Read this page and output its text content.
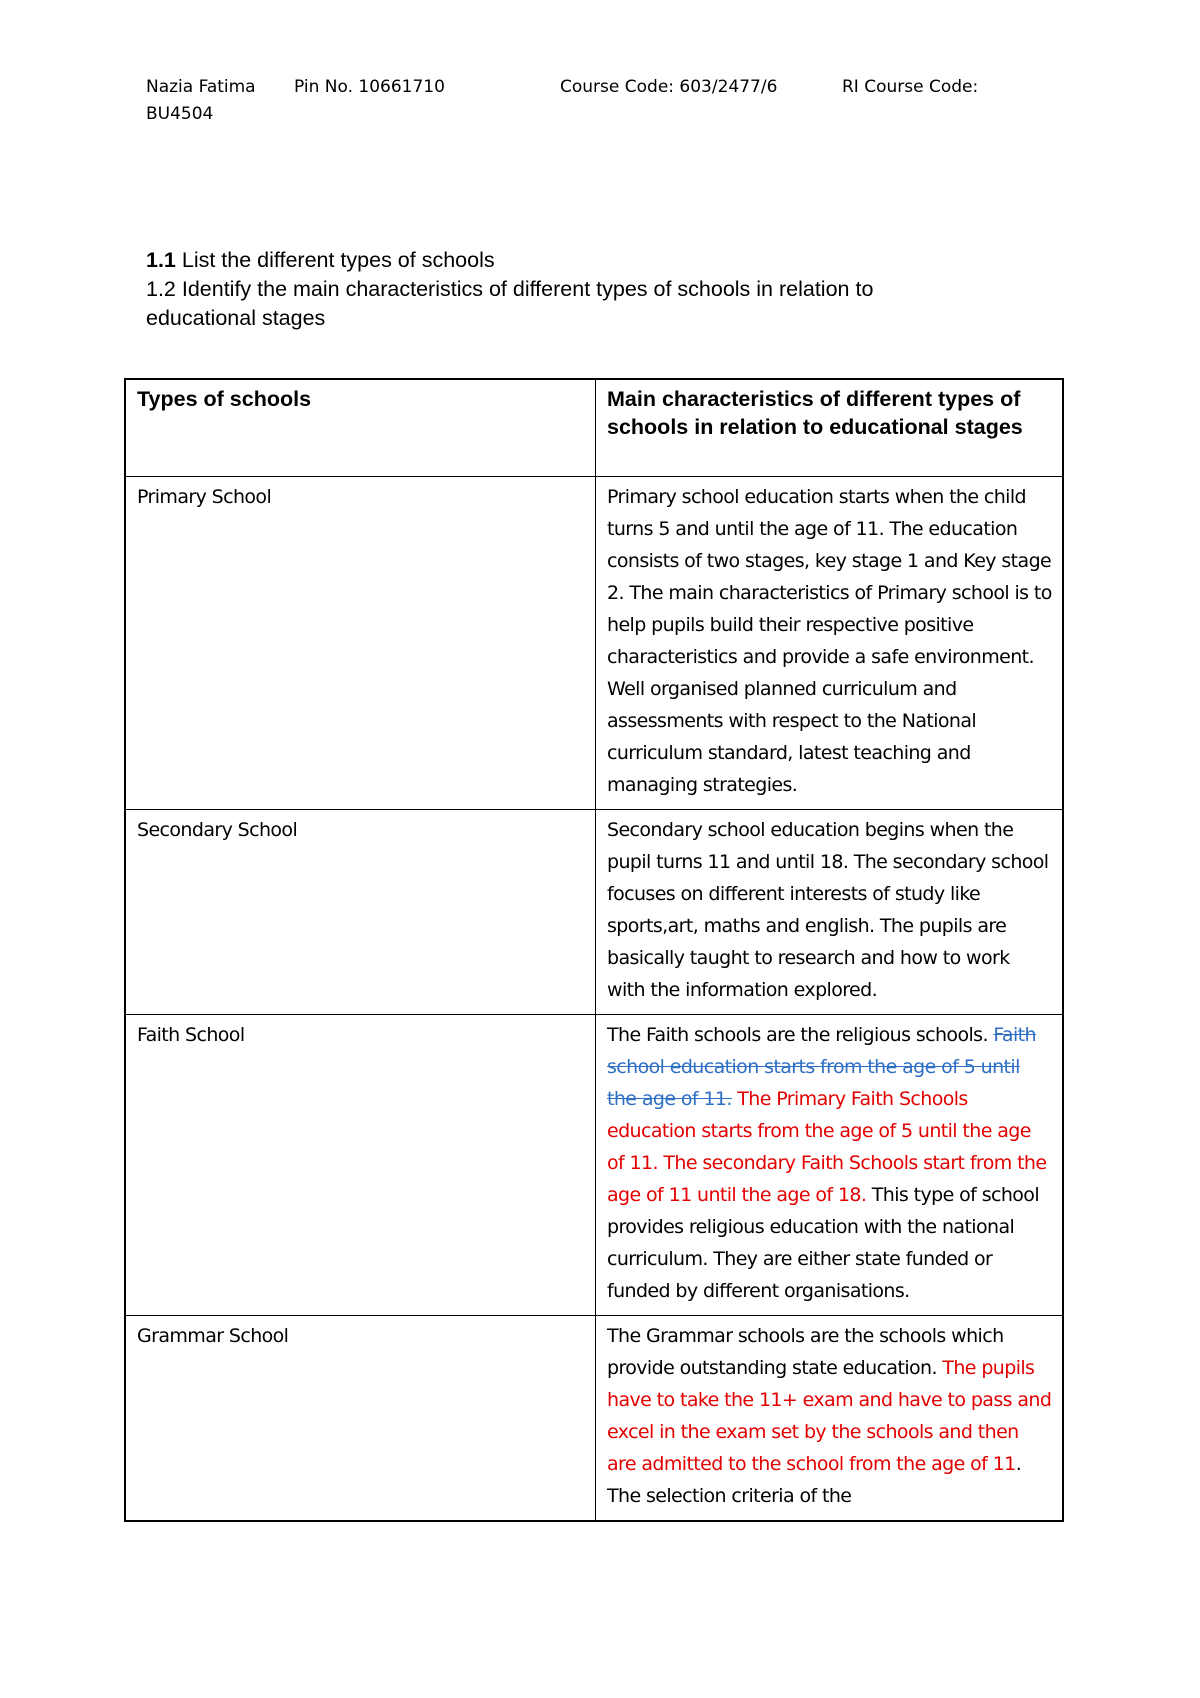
Nazia Fatima Pin No. 10661710	Course Code: 603/2477/6	RI Course Code:
BU4504

1.1 List the different types of schools

1.2 Identify the main characteristics of different types of schools in relation to

educational stages

Types of schools	Main characteristics of different types of schools in relation to educational stages
Primary School	Primary school education starts when the child turns 5 and until the age of 11. The education consists of two stages, key stage 1 and Key stage 2. The main characteristics of Primary school is to help pupils build their respective positive characteristics and provide a safe environment. Well organised planned curriculum and assessments with respect to the National curriculum standard, latest teaching and managing strategies.
Secondary School	Secondary school education begins when the pupil turns 11 and until 18. The secondary school focuses on different interests of study like sports,art, maths and english. The pupils are basically taught to research and how to work with the information explored.
Faith School	The Faith schools are the religious schools. Faith school education starts from the age of 5 until the age of 11. The Primary Faith Schools education starts from the age of 5 until the age of 11. The secondary Faith Schools start from the age of 11 until the age of 18. This type of school provides religious education with the national curriculum. They are either state funded or funded by different organisations.
Grammar School	The Grammar schools are the schools which provide outstanding state education. The pupils have to take the 11+ exam and have to pass and excel in the exam set by the schools and then are admitted to the school from the age of 11. The selection criteria of the
